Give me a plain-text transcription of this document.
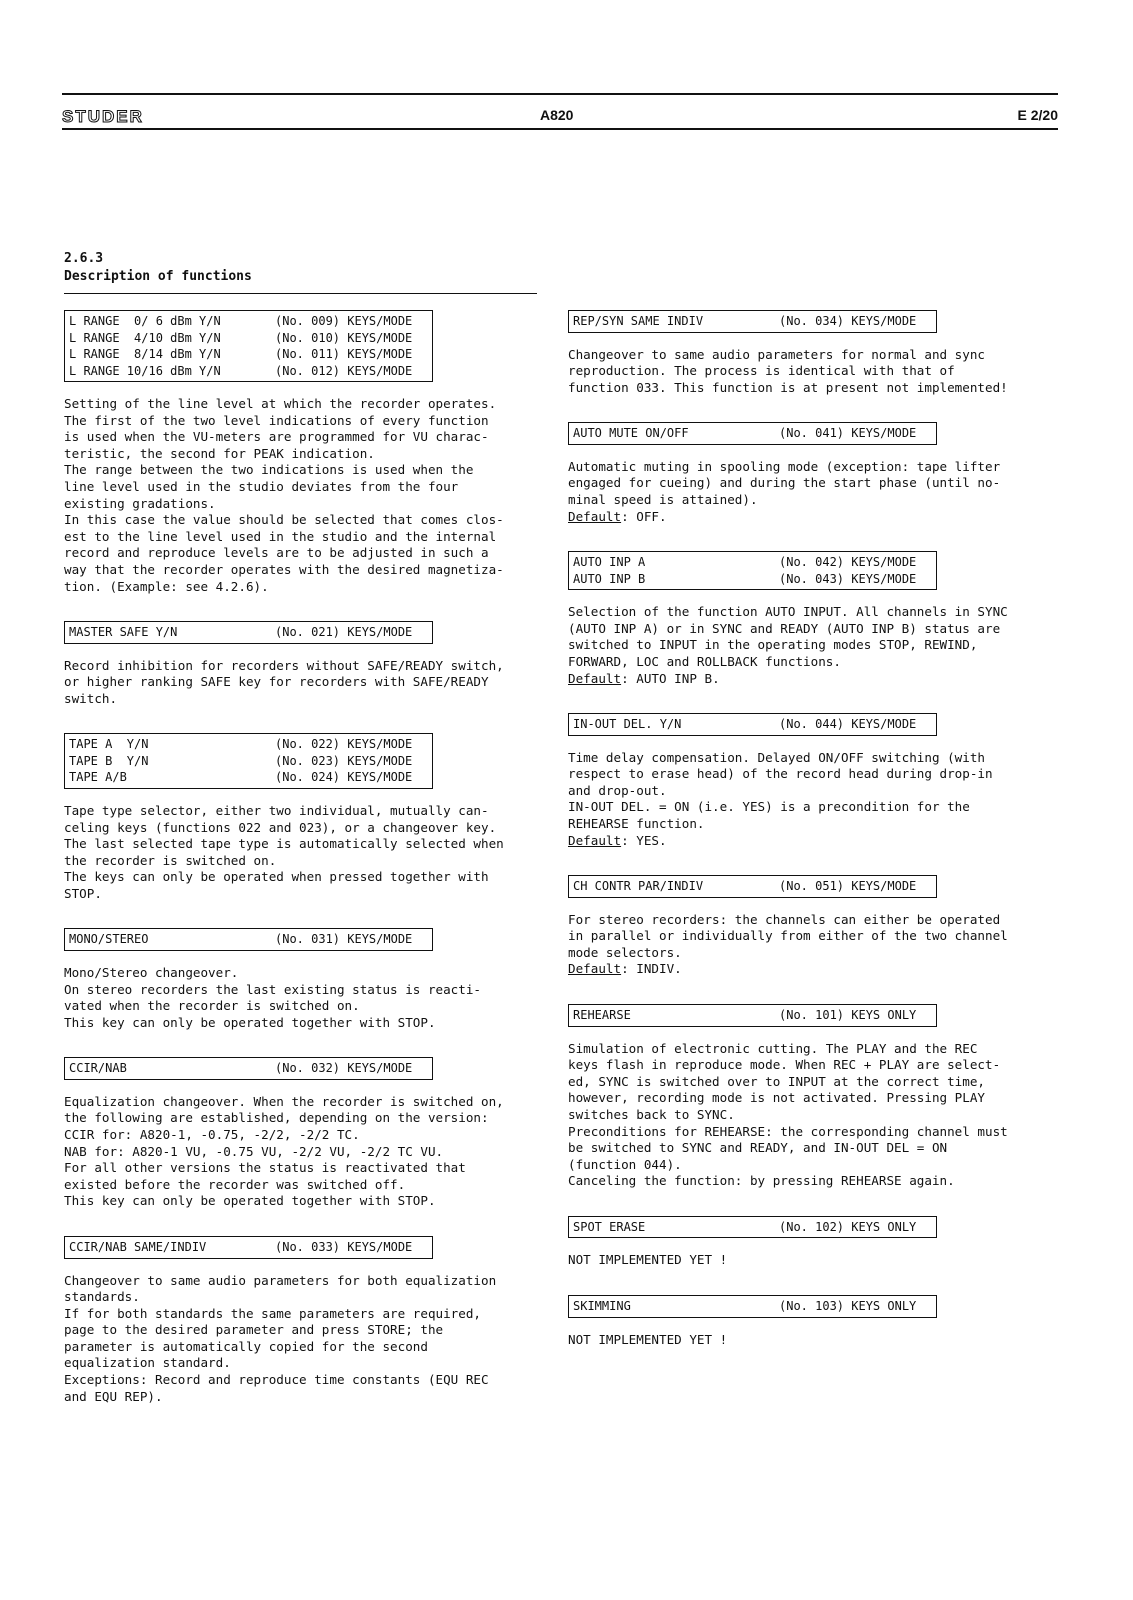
STUDER	A820	E 2/20
2.6.3
Description of functions
L RANGE  0/ 6 dBm Y/N	(No. 009) KEYS/MODE
L RANGE  4/10 dBm Y/N	(No. 010) KEYS/MODE
L RANGE  8/14 dBm Y/N	(No. 011) KEYS/MODE
L RANGE 10/16 dBm Y/N	(No. 012) KEYS/MODE
Setting of the line level at which the recorder operates.
The first of the two level indications of every function
is used when the VU-meters are programmed for VU charac-
teristic, the second for PEAK indication.
The range between the two indications is used when the
line level used in the studio deviates from the four
existing gradations.
In this case the value should be selected that comes clos-
est to the line level used in the studio and the internal
record and reproduce levels are to be adjusted in such a
way that the recorder operates with the desired magnetiza-
tion. (Example: see 4.2.6).
MASTER SAFE Y/N	(No. 021) KEYS/MODE
Record inhibition for recorders without SAFE/READY switch,
or higher ranking SAFE key for recorders with SAFE/READY
switch.
TAPE A  Y/N	(No. 022) KEYS/MODE
TAPE B  Y/N	(No. 023) KEYS/MODE
TAPE A/B	(No. 024) KEYS/MODE
Tape type selector, either two individual, mutually can-
celing keys (functions 022 and 023), or a changeover key.
The last selected tape type is automatically selected when
the recorder is switched on.
The keys can only be operated when pressed together with
STOP.
MONO/STEREO	(No. 031) KEYS/MODE
Mono/Stereo changeover.
On stereo recorders the last existing status is reacti-
vated when the recorder is switched on.
This key can only be operated together with STOP.
CCIR/NAB	(No. 032) KEYS/MODE
Equalization changeover. When the recorder is switched on,
the following are established, depending on the version:
CCIR for: A820-1, -0.75, -2/2, -2/2 TC.
NAB for: A820-1 VU, -0.75 VU, -2/2 VU, -2/2 TC VU.
For all other versions the status is reactivated that
existed before the recorder was switched off.
This key can only be operated together with STOP.
CCIR/NAB SAME/INDIV	(No. 033) KEYS/MODE
Changeover to same audio parameters for both equalization
standards.
If for both standards the same parameters are required,
page to the desired parameter and press STORE; the
parameter is automatically copied for the second
equalization standard.
Exceptions: Record and reproduce time constants (EQU REC
and EQU REP).
REP/SYN SAME INDIV	(No. 034) KEYS/MODE
Changeover to same audio parameters for normal and sync
reproduction. The process is identical with that of
function 033. This function is at present not implemented!
AUTO MUTE ON/OFF	(No. 041) KEYS/MODE
Automatic muting in spooling mode (exception: tape lifter
engaged for cueing) and during the start phase (until no-
minal speed is attained).
Default: OFF.
AUTO INP A	(No. 042) KEYS/MODE
AUTO INP B	(No. 043) KEYS/MODE
Selection of the function AUTO INPUT. All channels in SYNC
(AUTO INP A) or in SYNC and READY (AUTO INP B) status are
switched to INPUT in the operating modes STOP, REWIND,
FORWARD, LOC and ROLLBACK functions.
Default: AUTO INP B.
IN-OUT DEL. Y/N	(No. 044) KEYS/MODE
Time delay compensation. Delayed ON/OFF switching (with
respect to erase head) of the record head during drop-in
and drop-out.
IN-OUT DEL. = ON (i.e. YES) is a precondition for the
REHEARSE function.
Default: YES.
CH CONTR PAR/INDIV	(No. 051) KEYS/MODE
For stereo recorders: the channels can either be operated
in parallel or individually from either of the two channel
mode selectors.
Default: INDIV.
REHEARSE	(No. 101) KEYS ONLY
Simulation of electronic cutting. The PLAY and the REC
keys flash in reproduce mode. When REC + PLAY are select-
ed, SYNC is switched over to INPUT at the correct time,
however, recording mode is not activated. Pressing PLAY
switches back to SYNC.
Preconditions for REHEARSE: the corresponding channel must
be switched to SYNC and READY, and IN-OUT DEL = ON
(function 044).
Canceling the function: by pressing REHEARSE again.
SPOT ERASE	(No. 102) KEYS ONLY
NOT IMPLEMENTED YET !
SKIMMING	(No. 103) KEYS ONLY
NOT IMPLEMENTED YET !
